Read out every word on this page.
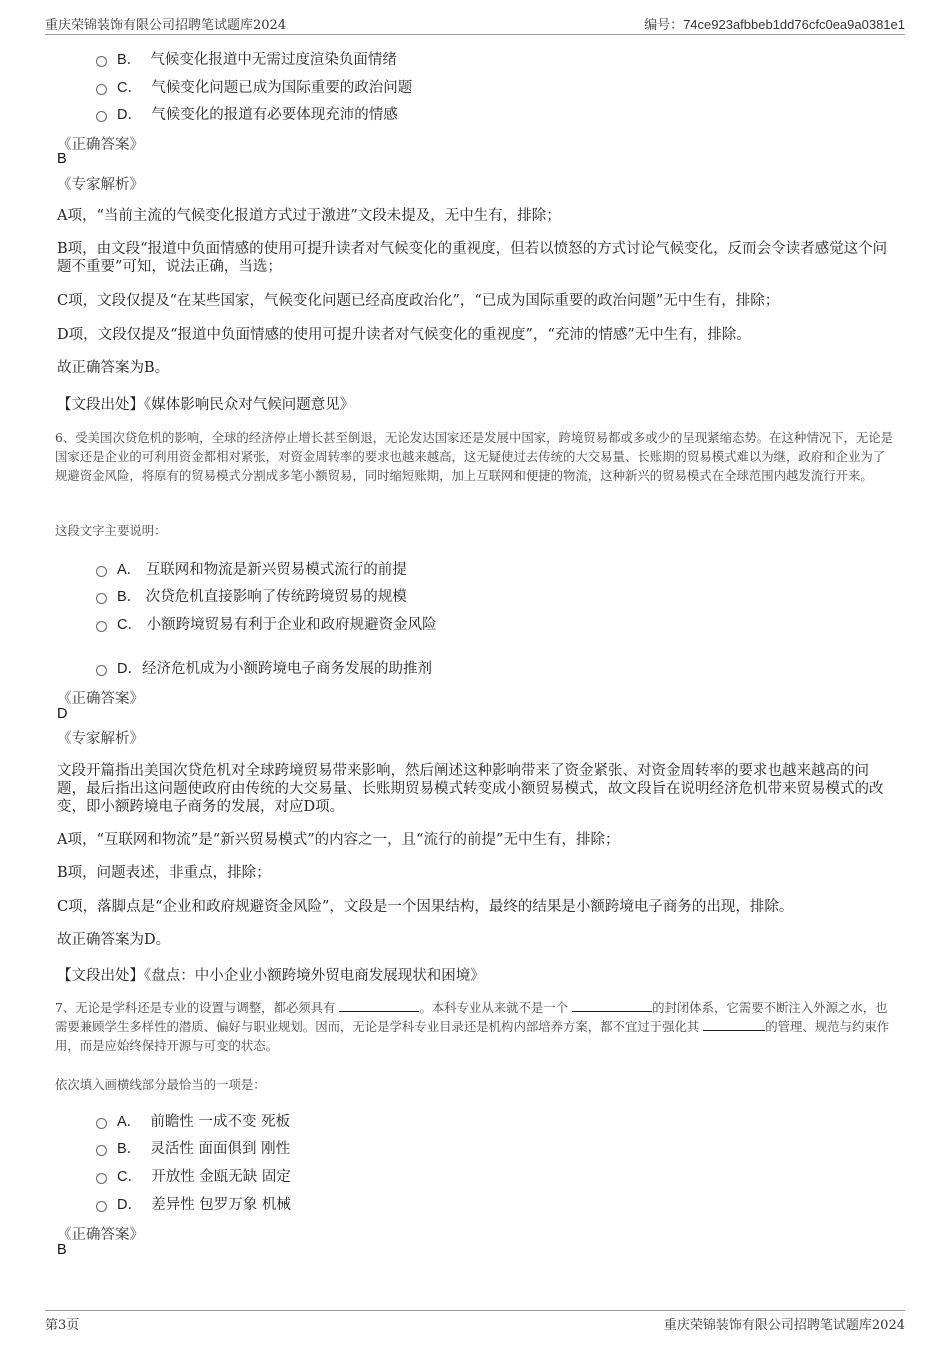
重庆荣锦装饰有限公司招聘笔试题库2024	编号：74ce923afbbeb1dd76cfc0ea9a0381e1
B． 气候变化报道中无需过度渲染负面情绪
C． 气候变化问题已成为国际重要的政治问题
D． 气候变化的报道有必要体现充沛的情感
《正确答案》
B
《专家解析》
A项，“当前主流的气候变化报道方式过于激进”文段未提及，无中生有，排除；
B项，由文段“报道中负面情感的使用可提升读者对气候变化的重视度，但若以愤怒的方式讨论气候变化，反而会令读者感觉这个问题不重要”可知，说法正确，当选；
C项，文段仅提及“在某些国家，气候变化问题已经高度政治化”，“已成为国际重要的政治问题”无中生有，排除；
D项，文段仅提及“报道中负面情感的使用可提升读者对气候变化的重视度”，“充沛的情感”无中生有，排除。
故正确答案为B。
【文段出处】《媒体影响民众对气候问题意见》
6、受美国次贷危机的影响，全球的经济停止增长甚至倒退，无论发达国家还是发展中国家，跨境贸易都或多或少的呈现紧缩态势。在这种情况下，无论是国家还是企业的可利用资金都相对紧张，对资金周转率的要求也越来越高，这无疑使过去传统的大交易量、长账期的贸易模式难以为继，政府和企业为了规避资金风险，将原有的贸易模式分割成多笔小额贸易，同时缩短账期，加上互联网和便捷的物流，这种新兴的贸易模式在全球范围内越发流行开来。
这段文字主要说明：
A． 互联网和物流是新兴贸易模式流行的前提
B． 次贷危机直接影响了传统跨境贸易的规模
C． 小额跨境贸易有利于企业和政府规避资金风险
D．经济危机成为小额跨境电子商务发展的助推剂
《正确答案》
D
《专家解析》
文段开篇指出美国次贷危机对全球跨境贸易带来影响，然后阐述这种影响带来了资金紧张、对资金周转率的要求也越来越高的问题，最后指出这问题使政府由传统的大交易量、长账期贸易模式转变成小额贸易模式，故文段旨在说明经济危机带来贸易模式的改变，即小额跨境电子商务的发展，对应D项。
A项，“互联网和物流”是“新兴贸易模式”的内容之一，且“流行的前提”无中生有，排除；
B项，问题表述，非重点，排除；
C项，落脚点是“企业和政府规避资金风险”，文段是一个因果结构，最终的结果是小额跨境电子商务的出现，排除。
故正确答案为D。
【文段出处】《盘点：中小企业小额跨境外贸电商发展现状和困境》
7、无论是学科还是专业的设置与调整，都必须具有	。本科专业从来就不是一个	的封闭体系，它需要不断注入外源之水，也需要兼顾学生多样性的潜质、偏好与职业规划。因而，无论是学科专业目录还是机构内部培养方案，都不宜过于强化其	的管理、规范与约束作用，而是应始终保持开源与可变的状态。
依次填入画横线部分最恰当的一项是：
A． 前瞻性 一成不变 死板
B． 灵活性 面面俱到 刚性
C． 开放性 金瓯无缺 固定
D． 差异性 包罗万象 机械
《正确答案》
B
第3页	重庆荣锦装饰有限公司招聘笔试题库2024
